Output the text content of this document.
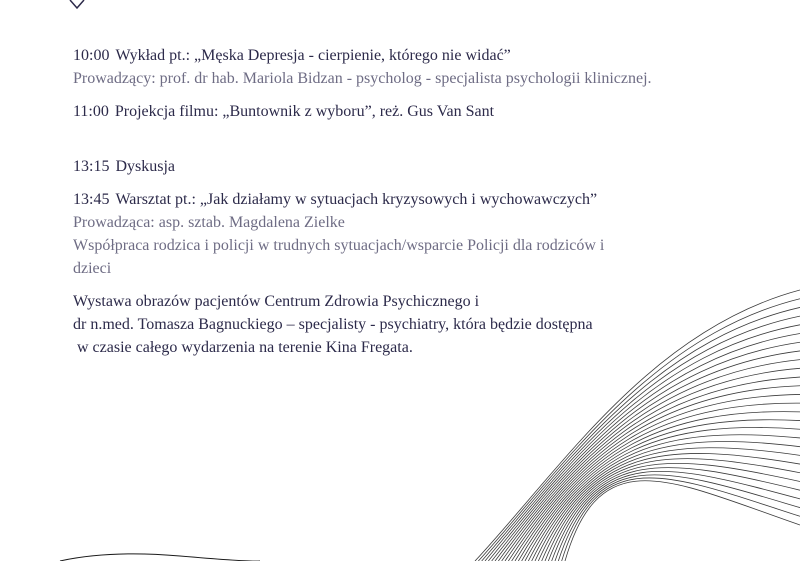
10:00 Wykład pt.: „Męska Depresja - cierpienie, którego nie widać”
Prowadzący: prof. dr hab. Mariola Bidzan - psycholog - specjalista psychologii klinicznej.
11:00 Projekcja filmu: „Buntownik z wyboru”, reż. Gus Van Sant
13:15 Dyskusja
13:45 Warsztat pt.: „Jak działamy w sytuacjach kryzysowych i wychowawczych”
Prowadząca: asp. sztab. Magdalena Zielke
Współpraca rodzica i policji w trudnych sytuacjach/wsparcie Policji dla rodziców i
dzieci
Wystawa obrazów pacjentów Centrum Zdrowia Psychicznego i
dr n.med. Tomasza Bagnuckiego – specjalisty - psychiatry, która będzie dostępna
w czasie całego wydarzenia na terenie Kina Fregata.
